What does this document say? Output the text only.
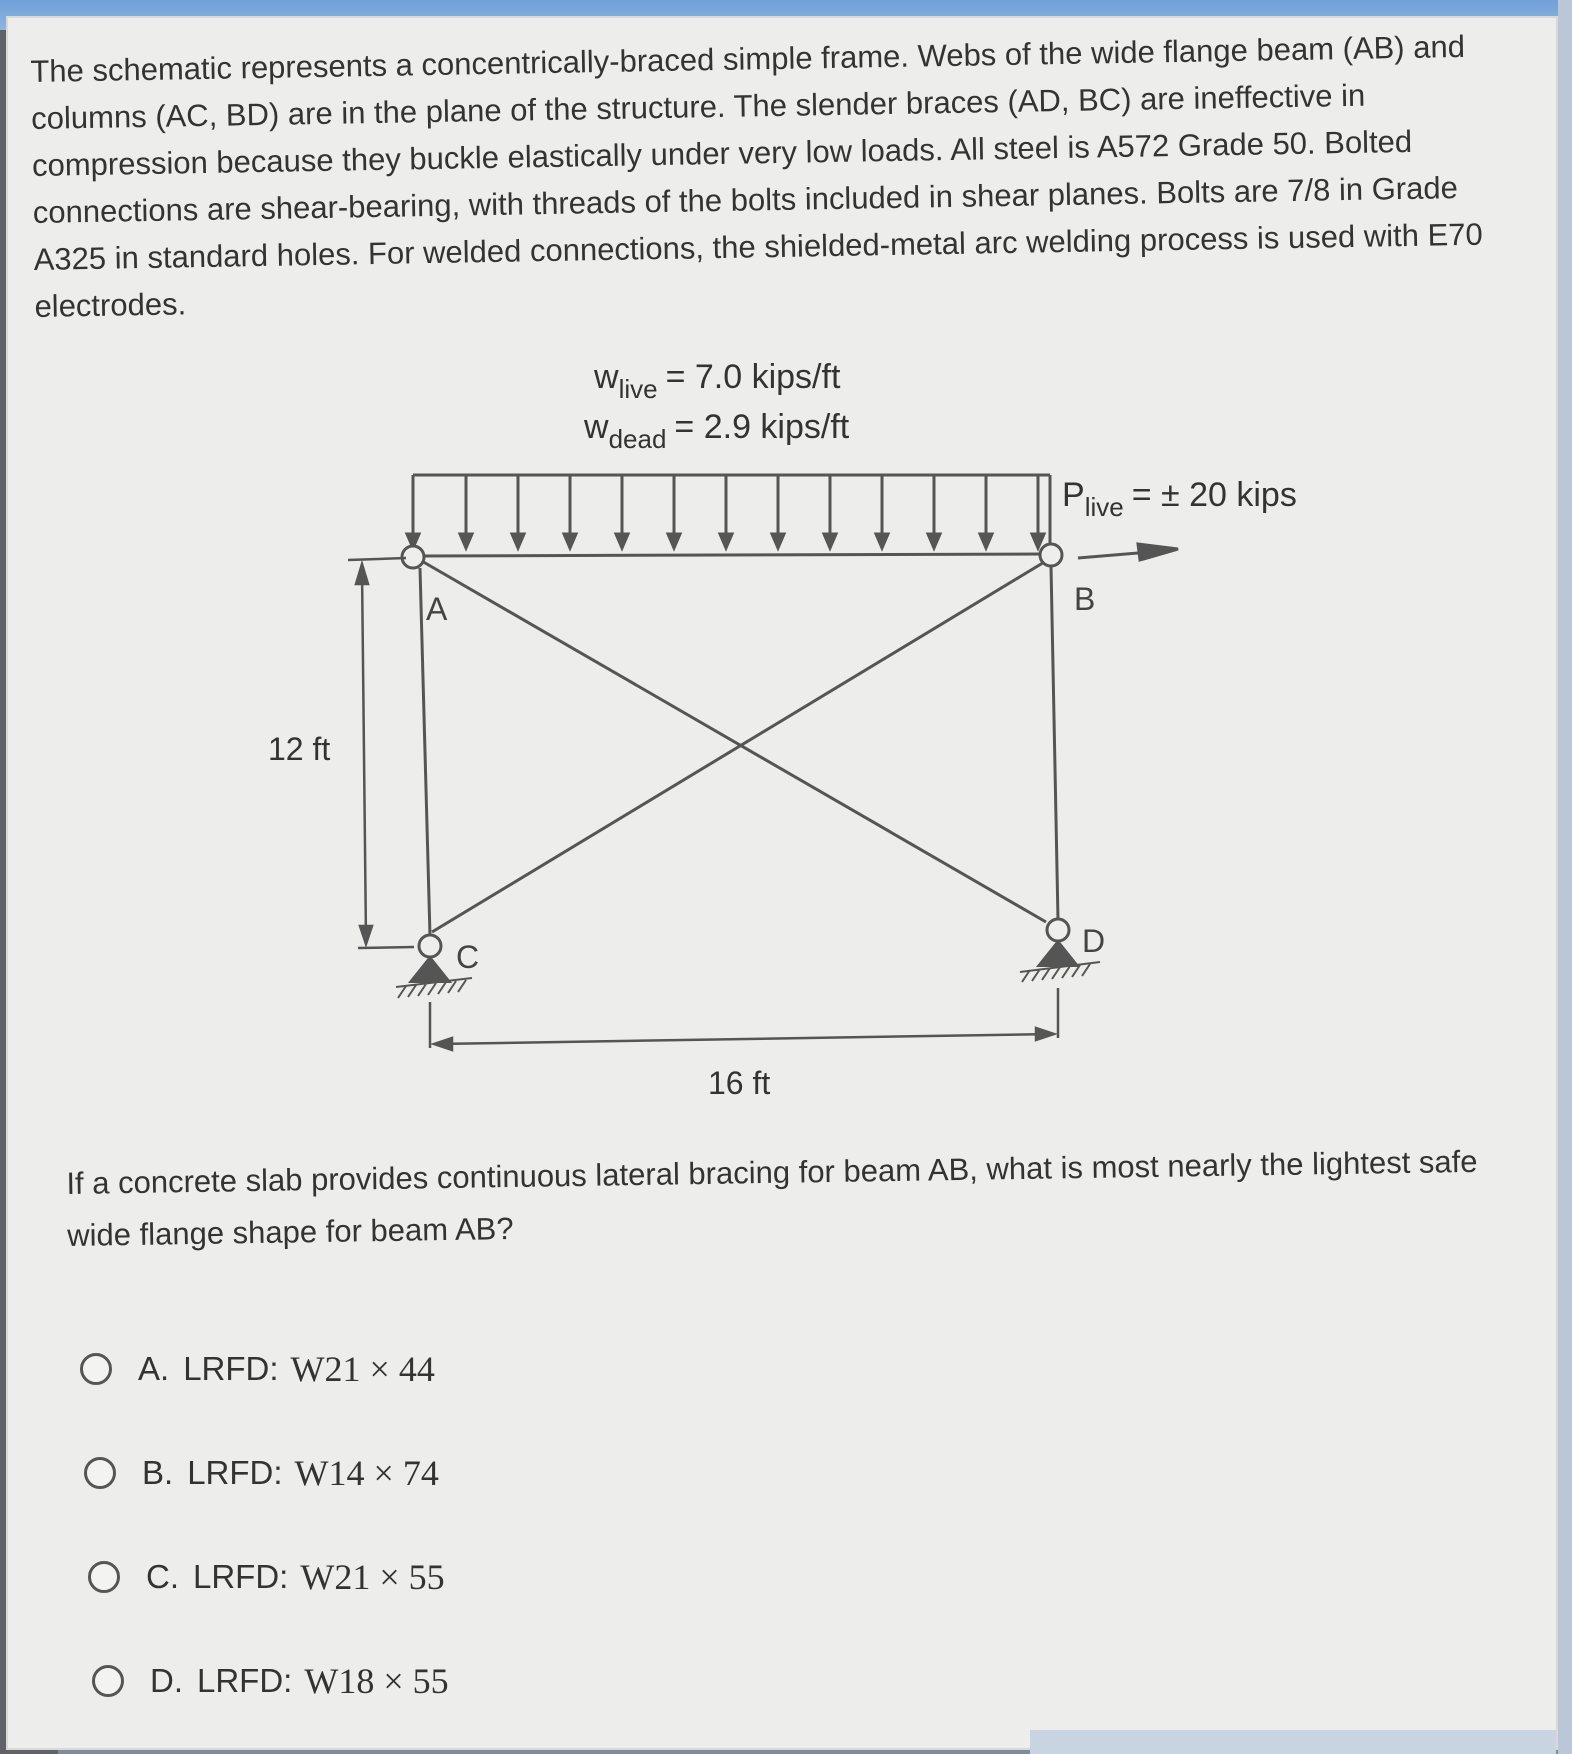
The schematic represents a concentrically-braced simple frame. Webs of the wide flange beam (AB) and columns (AC, BD) are in the plane of the structure. The slender braces (AD, BC) are ineffective in compression because they buckle elastically under very low loads. All steel is A572 Grade 50. Bolted connections are shear-bearing, with threads of the bolts included in shear planes. Bolts are 7/8 in Grade A325 in standard holes. For welded connections, the shielded-metal arc welding process is used with E70 electrodes.
$w_{live} = 7.0$ kips/ft
$w_{dead} = 2.9$ kips/ft
$P_{live}$ = ± 20 kips
A	B
C	D
12 ft
16 ft
If a concrete slab provides continuous lateral bracing for beam AB, what is most nearly the lightest safe wide flange shape for beam AB?
A. LRFD: W21 × 44
B. LRFD: W14 × 74
C. LRFD: W21 × 55
D. LRFD: W18 × 55
